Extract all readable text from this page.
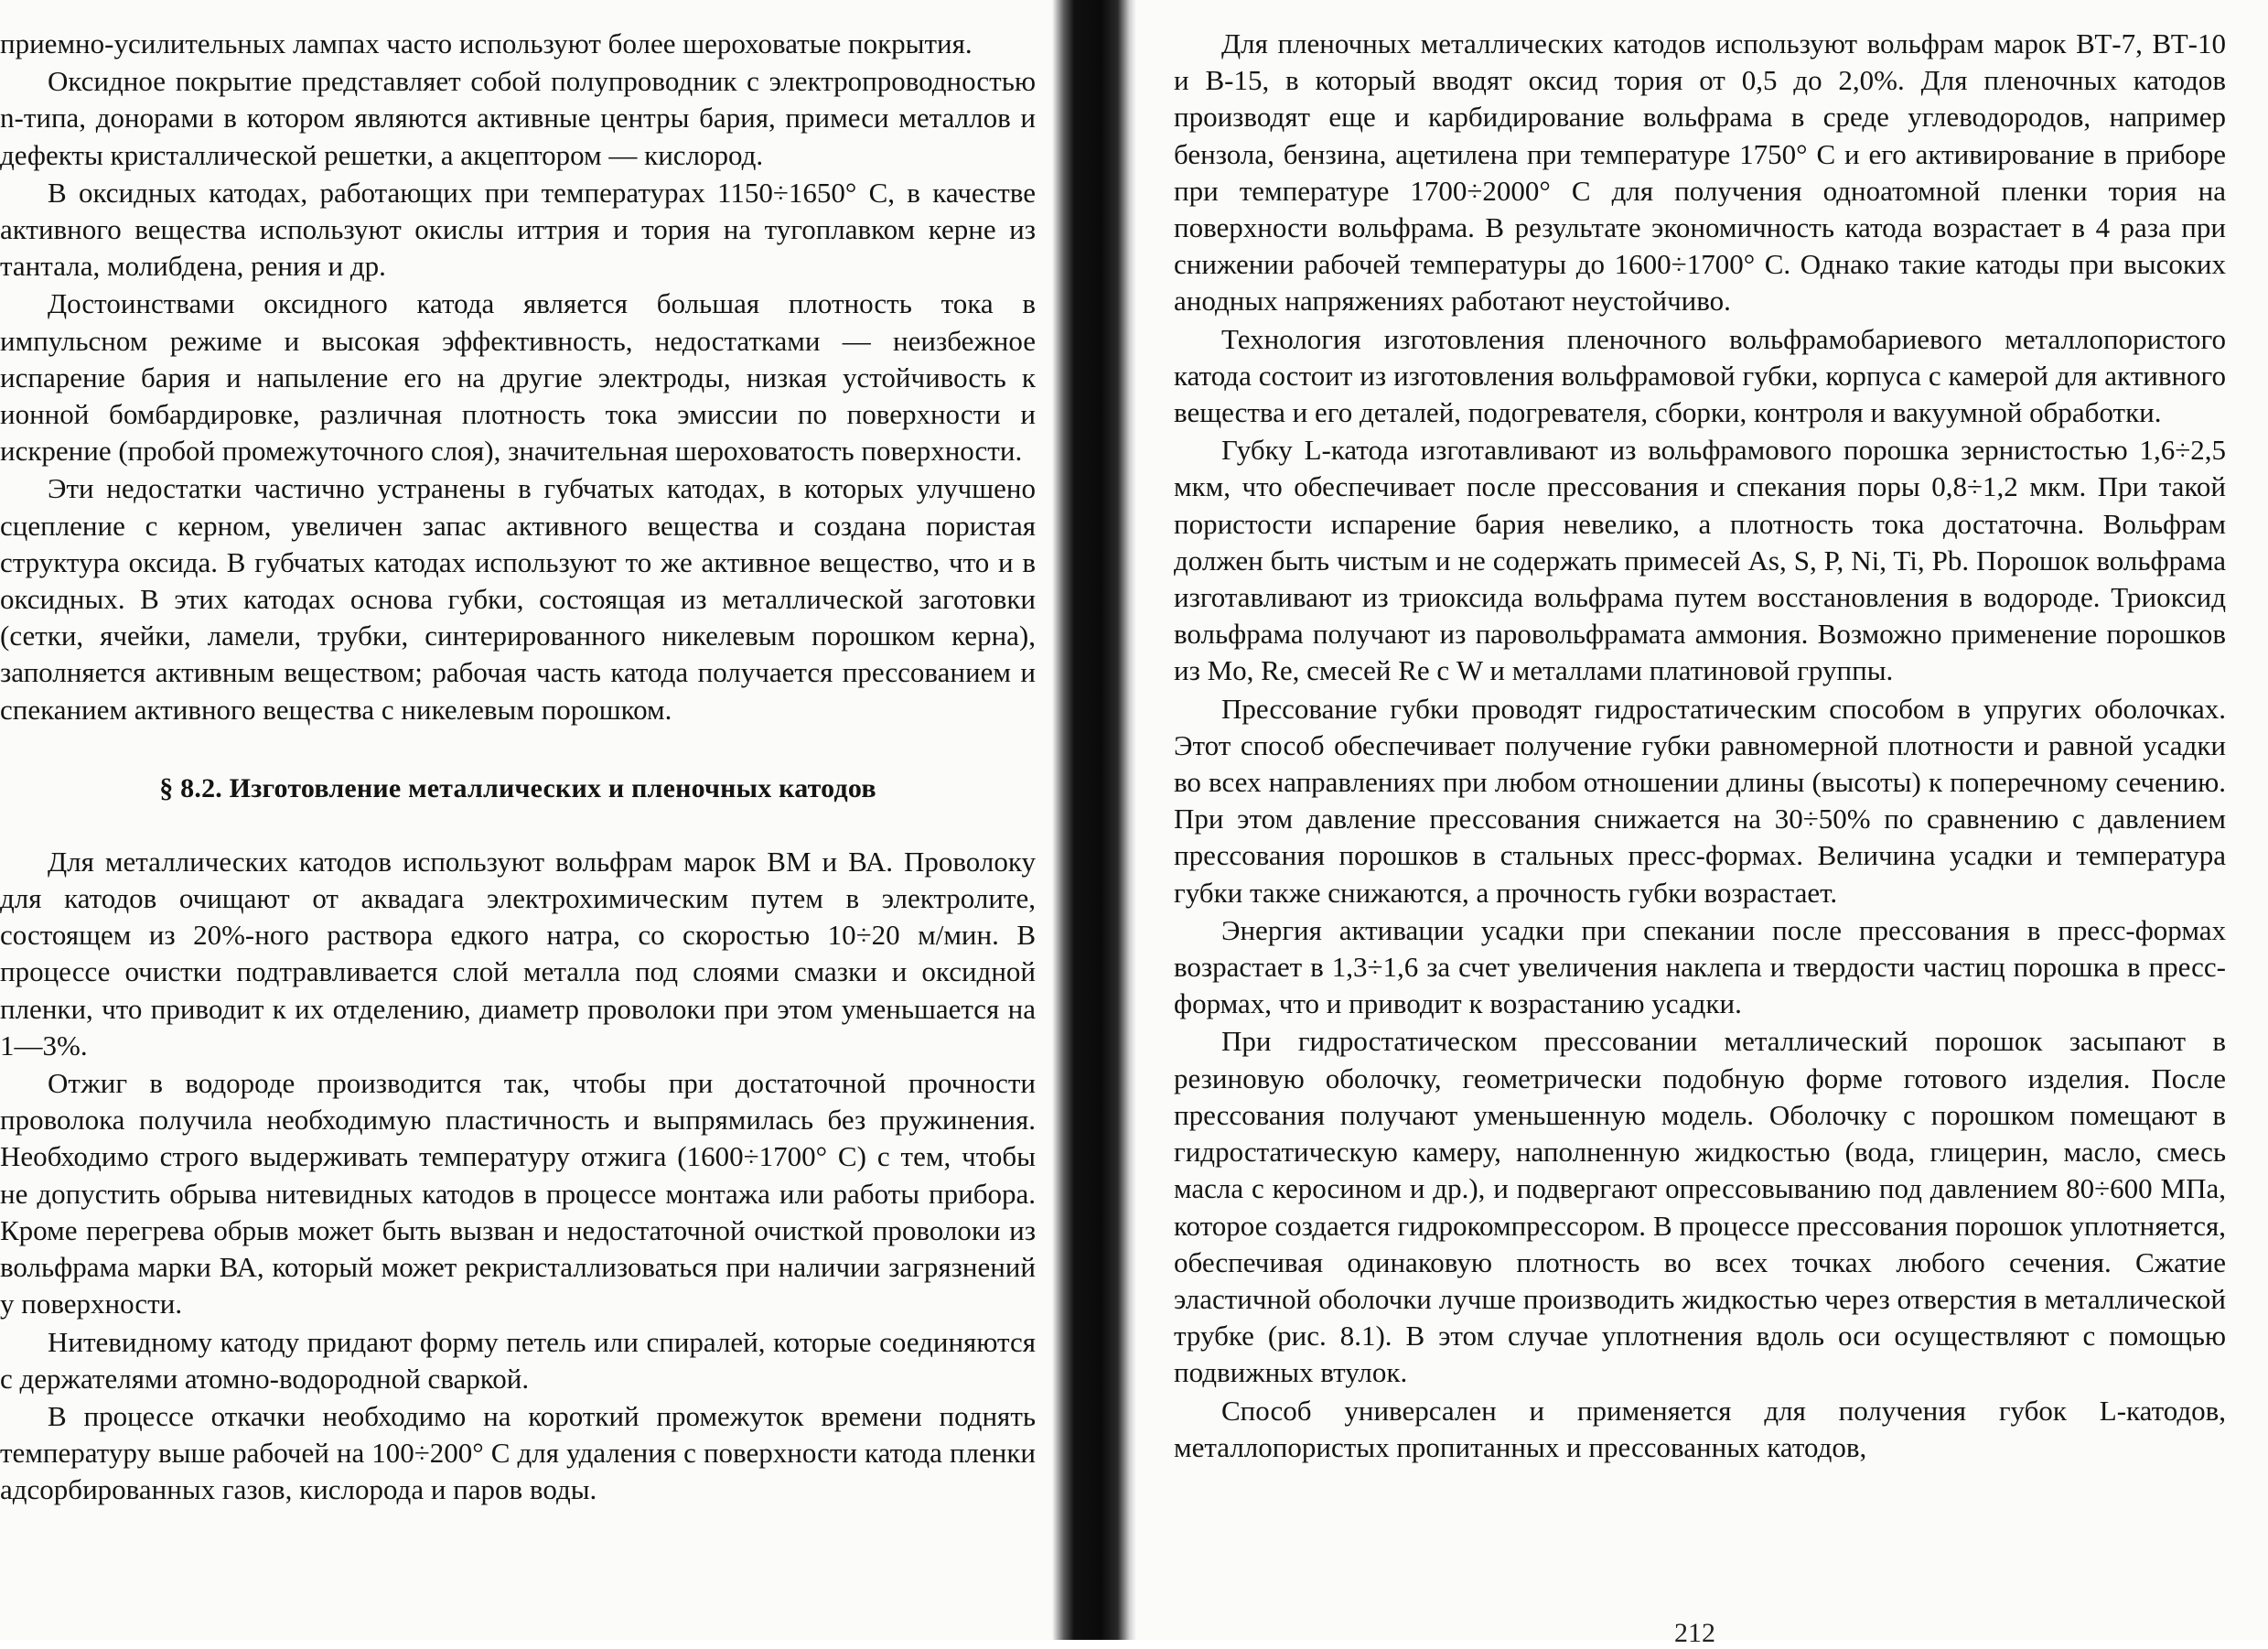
приемно-усилительных лампах часто используют более шероховатые покрытия.

Оксидное покрытие представляет собой полупроводник с электропроводностью n-типа, донорами в котором являются активные центры бария, примеси металлов и дефекты кристаллической решетки, а акцептором — кислород.

В оксидных катодах, работающих при температурах 1150÷1650° С, в качестве активного вещества используют окислы иттрия и тория на тугоплавком керне из тантала, молибдена, рения и др.

Достоинствами оксидного катода является большая плотность тока в импульсном режиме и высокая эффективность, недостатками — неизбежное испарение бария и напыление его на другие электроды, низкая устойчивость к ионной бомбардировке, различная плотность тока эмиссии по поверхности и искрение (пробой промежуточного слоя), значительная шероховатость поверхности.

Эти недостатки частично устранены в губчатых катодах, в которых улучшено сцепление с керном, увеличен запас активного вещества и создана пористая структура оксида. В губчатых катодах используют то же активное вещество, что и в оксидных. В этих катодах основа губки, состоящая из металлической заготовки (сетки, ячейки, ламели, трубки, синтерированного никелевым порошком керна), заполняется активным веществом; рабочая часть катода получается прессованием и спеканием активного вещества с никелевым порошком.

§ 8.2. Изготовление металлических и пленочных катодов

Для металлических катодов используют вольфрам марок ВМ и ВА. Проволоку для катодов очищают от аквадага электрохимическим путем в электролите, состоящем из 20%-ного раствора едкого натра, со скоростью 10÷20 м/мин. В процессе очистки подтравливается слой металла под слоями смазки и оксидной пленки, что приводит к их отделению, диаметр проволоки при этом уменьшается на 1—3%.

Отжиг в водороде производится так, чтобы при достаточной прочности проволока получила необходимую пластичность и выпрямилась без пружинения. Необходимо строго выдерживать температуру отжига (1600÷1700° С) с тем, чтобы не допустить обрыва нитевидных катодов в процессе монтажа или работы прибора. Кроме перегрева обрыв может быть вызван и недостаточной очисткой проволоки из вольфрама марки ВА, который может рекристаллизоваться при наличии загрязнений у поверхности.

Нитевидному катоду придают форму петель или спиралей, которые соединяются с держателями атомно-водородной сваркой.

В процессе откачки необходимо на короткий промежуток времени поднять температуру выше рабочей на 100÷200° С для удаления с поверхности катода пленки адсорбированных газов, кислорода и паров воды.

Для пленочных металлических катодов используют вольфрам марок ВТ-7, ВТ-10 и В-15, в который вводят оксид тория от 0,5 до 2,0%. Для пленочных катодов производят еще и карбидирование вольфрама в среде углеводородов, например бензола, бензина, ацетилена при температуре 1750° С и его активирование в приборе при температуре 1700÷2000° С для получения одноатомной пленки тория на поверхности вольфрама. В результате экономичность катода возрастает в 4 раза при снижении рабочей температуры до 1600÷1700° С. Однако такие катоды при высоких анодных напряжениях работают неустойчиво.

Технология изготовления пленочного вольфрамобариевого металлопористого катода состоит из изготовления вольфрамовой губки, корпуса с камерой для активного вещества и его деталей, подогревателя, сборки, контроля и вакуумной обработки.

Губку L-катода изготавливают из вольфрамового порошка зернистостью 1,6÷2,5 мкм, что обеспечивает после прессования и спекания поры 0,8÷1,2 мкм. При такой пористости испарение бария невелико, а плотность тока достаточна. Вольфрам должен быть чистым и не содержать примесей As, S, P, Ni, Ti, Pb. Порошок вольфрама изготавливают из триоксида вольфрама путем восстановления в водороде. Триоксид вольфрама получают из паровольфрамата аммония. Возможно применение порошков из Mo, Re, смесей Re с W и металлами платиновой группы.

Прессование губки проводят гидростатическим способом в упругих оболочках. Этот способ обеспечивает получение губки равномерной плотности и равной усадки во всех направлениях при любом отношении длины (высоты) к поперечному сечению. При этом давление прессования снижается на 30÷50% по сравнению с давлением прессования порошков в стальных пресс-формах. Величина усадки и температура губки также снижаются, а прочность губки возрастает.

Энергия активации усадки при спекании после прессования в пресс-формах возрастает в 1,3÷1,6 за счет увеличения наклепа и твердости частиц порошка в пресс-формах, что и приводит к возрастанию усадки.

При гидростатическом прессовании металлический порошок засыпают в резиновую оболочку, геометрически подобную форме готового изделия. После прессования получают уменьшенную модель. Оболочку с порошком помещают в гидростатическую камеру, наполненную жидкостью (вода, глицерин, масло, смесь масла с керосином и др.), и подвергают опрессовыванию под давлением 80÷600 МПа, которое создается гидрокомпрессором. В процессе прессования порошок уплотняется, обеспечивая одинаковую плотность во всех точках любого сечения. Сжатие эластичной оболочки лучше производить жидкостью через отверстия в металлической трубке (рис. 8.1). В этом случае уплотнения вдоль оси осуществляют с помощью подвижных втулок.

Способ универсален и применяется для получения губок L-катодов, металлопористых пропитанных и прессованных катодов,

212
